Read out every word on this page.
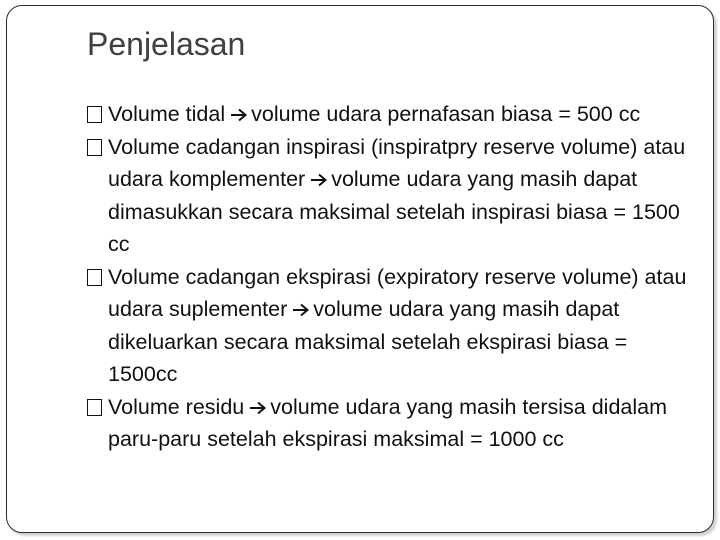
Penjelasan
Volume tidal volume udara pernafasan biasa = 500 cc
Volume cadangan inspirasi (inspiratpry reserve volume) atau udara komplementer volume udara yang masih dapat dimasukkan secara maksimal setelah inspirasi biasa = 1500 cc
Volume cadangan ekspirasi (expiratory reserve volume) atau udara suplementer volume udara yang masih dapat dikeluarkan secara maksimal setelah ekspirasi biasa = 1500cc
Volume residu volume udara yang masih tersisa didalam paru-paru setelah ekspirasi maksimal = 1000 cc
